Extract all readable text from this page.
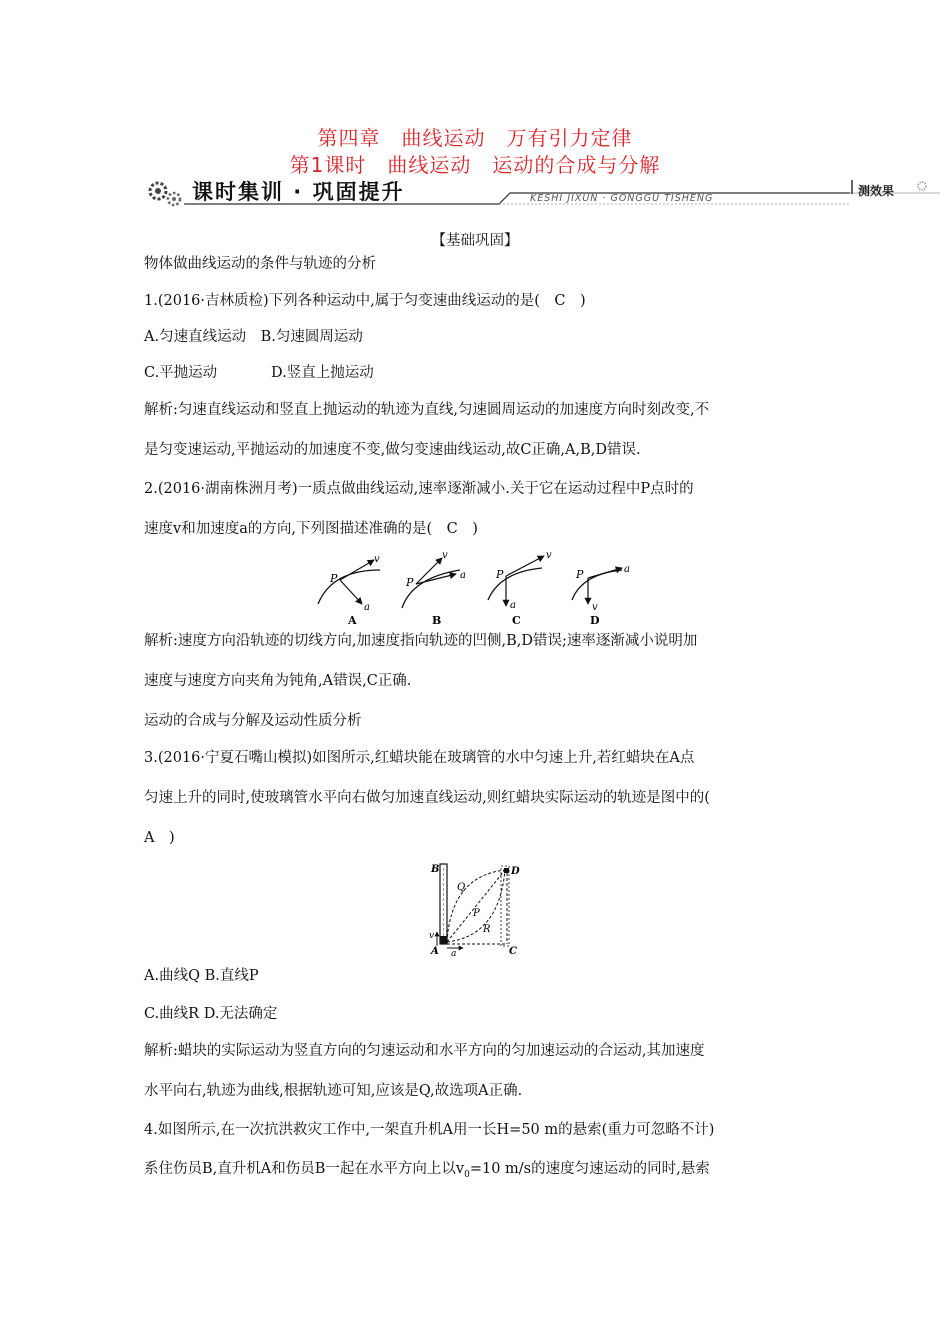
第四章　曲线运动　万有引力定律
第1课时　曲线运动　运动的合成与分解
课时集训 · 巩固提升	KESHI JIXUN · GONGGU TISHENG
测效果
【基础巩固】
物体做曲线运动的条件与轨迹的分析
1.(2016·吉林质检)下列各种运动中,属于匀变速曲线运动的是(　C　)
A.匀速直线运动　B.匀速圆周运动
C.平抛运动	D.竖直上抛运动
解析:匀速直线运动和竖直上抛运动的轨迹为直线,匀速圆周运动的加速度方向时刻改变,不
是匀变速运动,平抛运动的加速度不变,做匀变速曲线运动,故C正确,A,B,D错误.
2.(2016·湖南株洲月考)一质点做曲线运动,速率逐渐减小.关于它在运动过程中P点时的
速度v和加速度a的方向,下列图描述准确的是(　C　)
P
v
a
A
P
v
a
B
P
v
a
C
P	a
v
D
解析:速度方向沿轨迹的切线方向,加速度指向轨迹的凹侧,B,D错误;速率逐渐减小说明加
速度与速度方向夹角为钝角,A错误,C正确.
运动的合成与分解及运动性质分析
3.(2016·宁夏石嘴山模拟)如图所示,红蜡块能在玻璃管的水中匀速上升,若红蜡块在A点
匀速上升的同时,使玻璃管水平向右做匀加速直线运动,则红蜡块实际运动的轨迹是图中的(
A　)
B	D
Q
P
R
v
A a	C
A.曲线Q B.直线P
C.曲线R D.无法确定
解析:蜡块的实际运动为竖直方向的匀速运动和水平方向的匀加速运动的合运动,其加速度
水平向右,轨迹为曲线,根据轨迹可知,应该是Q,故选项A正确.
4.如图所示,在一次抗洪救灾工作中,一架直升机A用一长H=50 m的悬索(重力可忽略不计)
系住伤员B,直升机A和伤员B一起在水平方向上以$v_0=10$ m/s的速度匀速运动的同时,悬索
